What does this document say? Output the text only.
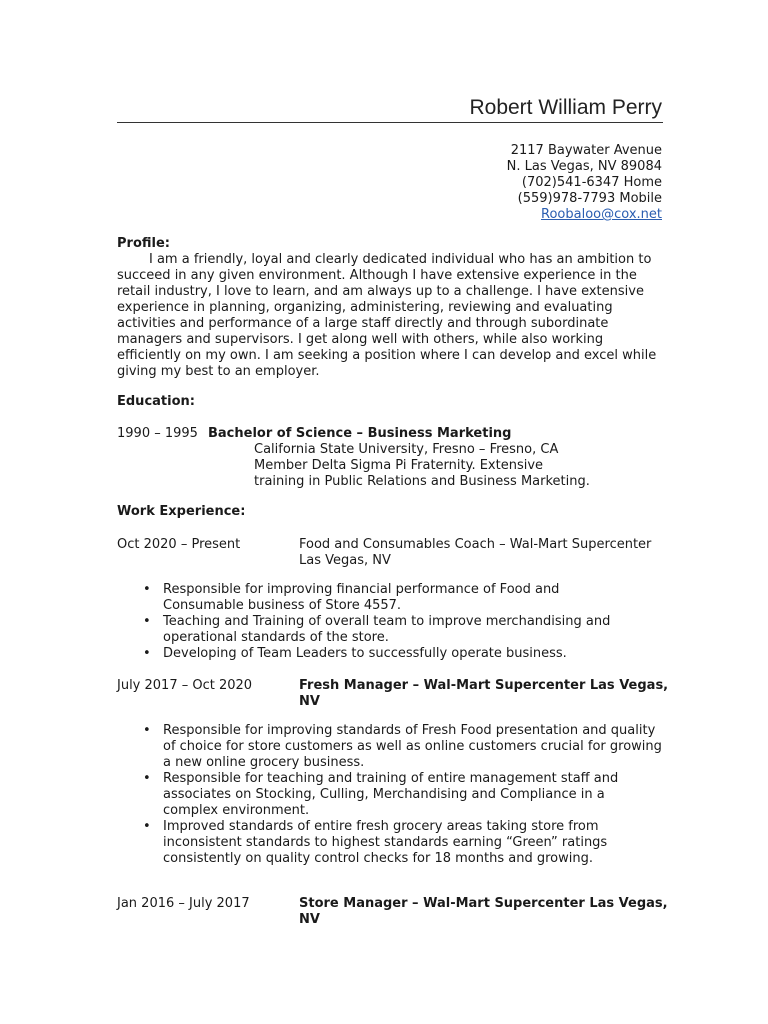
Robert William Perry
2117 Baywater Avenue
N. Las Vegas, NV 89084
(702)541-6347 Home
(559)978-7793 Mobile
Roobaloo@cox.net
Profile:

I am a friendly, loyal and clearly dedicated individual who has an ambition to succeed in any given environment. Although I have extensive experience in the retail industry, I love to learn, and am always up to a challenge. I have extensive experience in planning, organizing, administering, reviewing and evaluating activities and performance of a large staff directly and through subordinate managers and supervisors. I get along well with others, while also working efficiently on my own. I am seeking a position where I can develop and excel while giving my best to an employer.

Education:
1990 – 1995 Bachelor of Science – Business Marketing
California State University, Fresno – Fresno, CA
Member Delta Sigma Pi Fraternity. Extensive
training in Public Relations and Business Marketing.
Work Experience:
Oct 2020 – Present	Food and Consumables Coach – Wal-Mart Supercenter
Las Vegas, NV
• Responsible for improving financial performance of Food and Consumable business of Store 4557.
• Teaching and Training of overall team to improve merchandising and operational standards of the store.
• Developing of Team Leaders to successfully operate business.
July 2017 – Oct 2020	Fresh Manager – Wal-Mart Supercenter Las Vegas,
NV
• Responsible for improving standards of Fresh Food presentation and quality of choice for store customers as well as online customers crucial for growing a new online grocery business.
• Responsible for teaching and training of entire management staff and associates on Stocking, Culling, Merchandising and Compliance in a complex environment.
• Improved standards of entire fresh grocery areas taking store from inconsistent standards to highest standards earning “Green” ratings consistently on quality control checks for 18 months and growing.
Jan 2016 – July 2017	Store Manager – Wal-Mart Supercenter Las Vegas,
NV
